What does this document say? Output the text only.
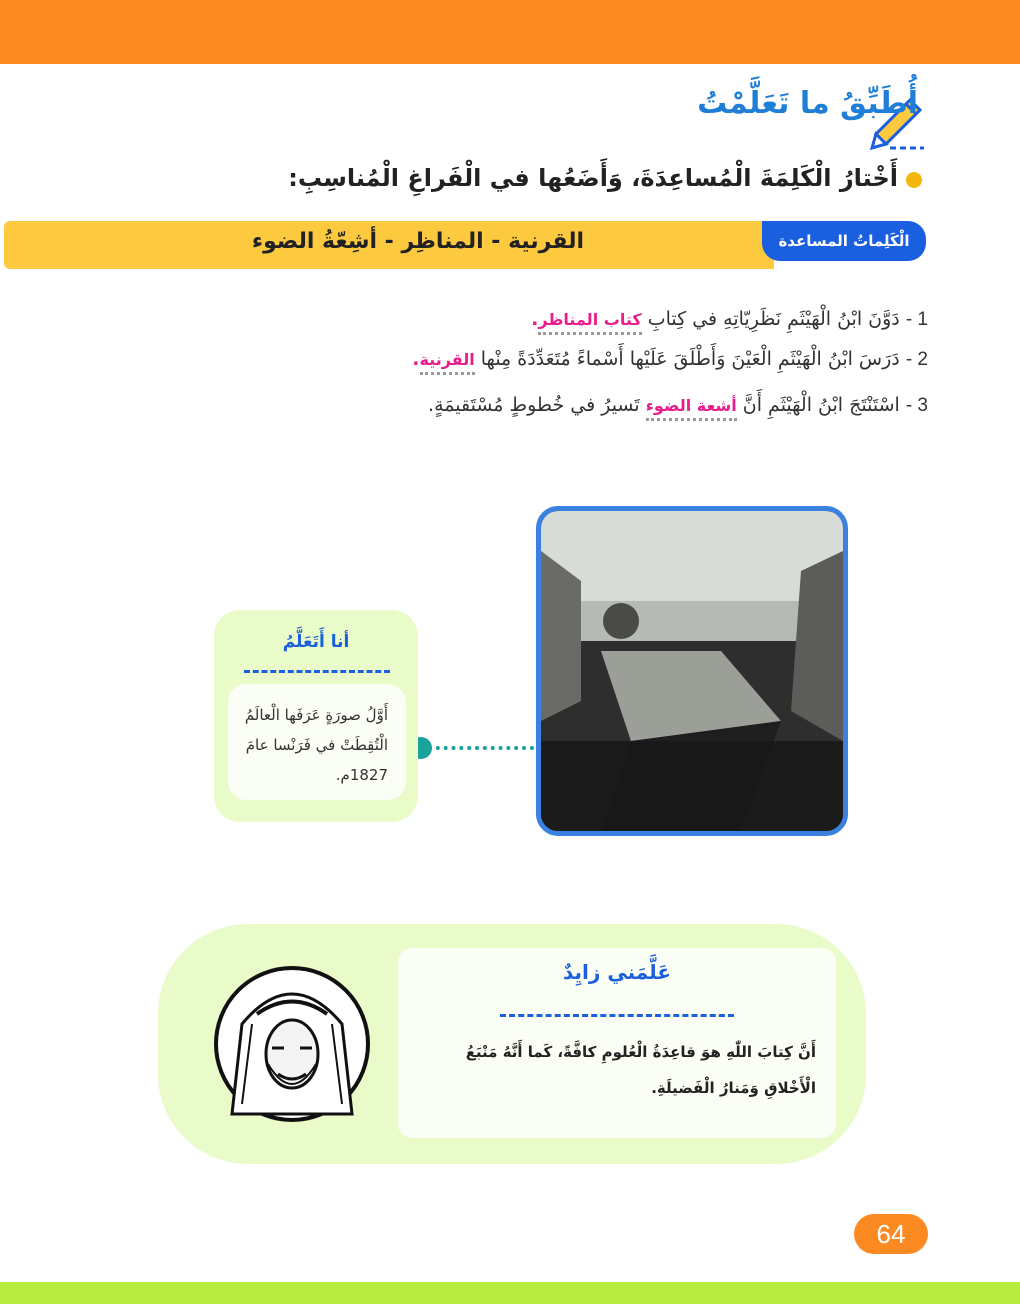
أُطَبِّقُ ما تَعَلَّمْتُ
أَخْتارُ الْكَلِمَةَ الْمُساعِدَةَ، وَأَضَعُها في الْفَراغِ الْمُناسِبِ:
القرنية - المناظِر - أشِعّةُ الضوء	الْكَلِماتُ المساعدة
1 - دَوَّنَ ابْنُ الْهَيْثَمِ نَظَرِيّاتِهِ في كِتابِ كتاب المناظر.
2 - دَرَسَ ابْنُ الْهَيْثَمِ الْعَيْنَ وَأَطْلَقَ عَلَيْها أَسْماءً مُتَعَدِّدَةً مِنْها القرنية.
3 - اسْتَنْتَجَ ابْنُ الْهَيْثَمِ أَنَّ أشعة الضوء تَسيرُ في خُطوطٍ مُسْتَقيمَةٍ.
أنا أَتَعَلَّمُ
أَوَّلُ صورَةٍ عَرَفَها الْعالَمُ
الْتُقِطَتْ في فَرَنْسا عامَ
1827م.
عَلَّمَني زايِدٌ
أَنَّ كِتابَ اللّٰهِ هوَ قاعِدَةُ الْعُلومِ كافَّةً، كَما أَنَّهُ مَنْبَعُ الْأَخْلاقِ وَمَنارُ الْفَضيلَةِ.
64
